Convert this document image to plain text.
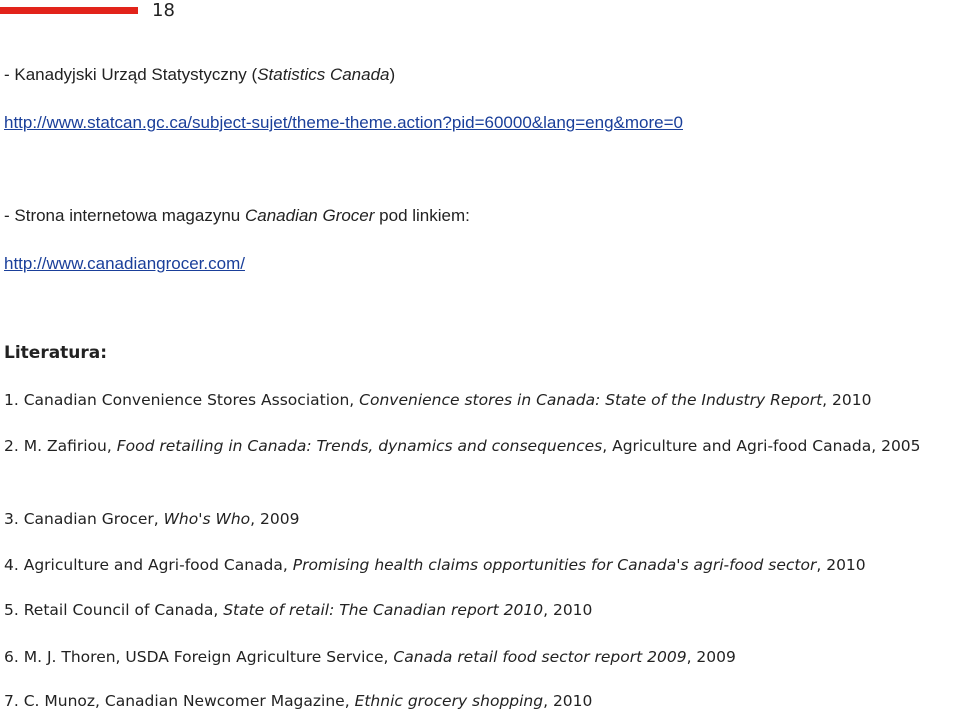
18
- Kanadyjski Urząd Statystyczny (Statistics Canada)
http://www.statcan.gc.ca/subject-sujet/theme-theme.action?pid=60000&lang=eng&more=0
- Strona internetowa magazynu Canadian Grocer pod linkiem:
http://www.canadiangrocer.com/
Literatura:
1. Canadian Convenience Stores Association, Convenience stores in Canada: State of the Industry Report, 2010
2. M. Zafiriou, Food retailing in Canada: Trends, dynamics and consequences, Agriculture and Agri-food Canada, 2005
3. Canadian Grocer, Who's Who, 2009
4. Agriculture and Agri-food Canada, Promising health claims opportunities for Canada's agri-food sector, 2010
5. Retail Council of Canada, State of retail: The Canadian report 2010, 2010
6. M. J. Thoren, USDA Foreign Agriculture Service, Canada retail food sector report 2009, 2009
7. C. Munoz, Canadian Newcomer Magazine, Ethnic grocery shopping, 2010
